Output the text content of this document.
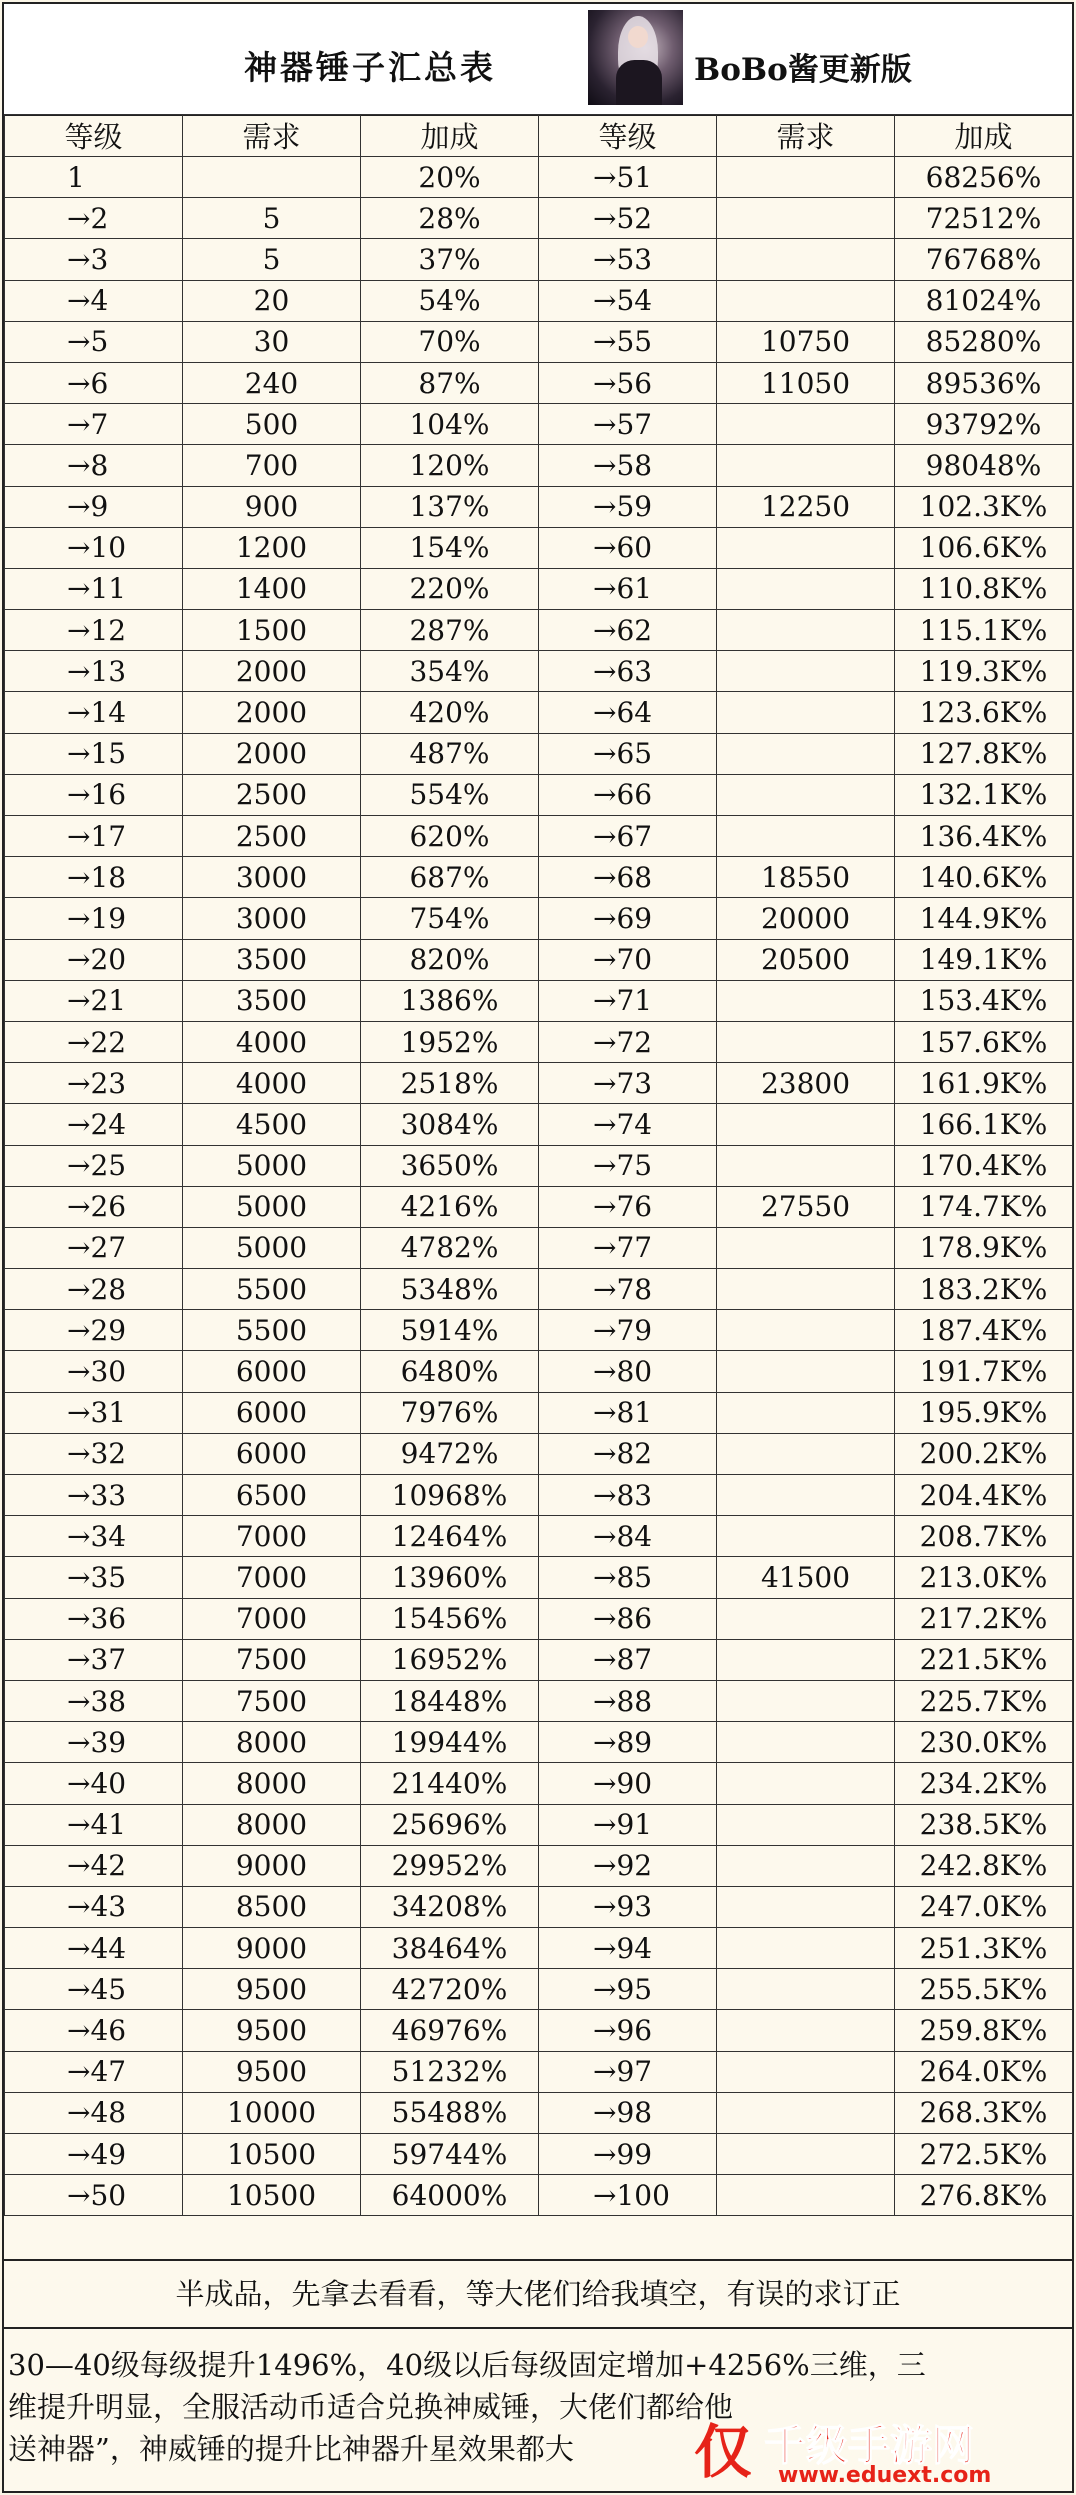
神器锤子汇总表	BoBo酱更新版
等级	需求	加成	等级	需求	加成
1		20%	→51		68256%
→2	5	28%	→52		72512%
→3	5	37%	→53		76768%
→4	20	54%	→54		81024%
→5	30	70%	→55	10750	85280%
→6	240	87%	→56	11050	89536%
→7	500	104%	→57		93792%
→8	700	120%	→58		98048%
→9	900	137%	→59	12250	102.3K%
→10	1200	154%	→60		106.6K%
→11	1400	220%	→61		110.8K%
→12	1500	287%	→62		115.1K%
→13	2000	354%	→63		119.3K%
→14	2000	420%	→64		123.6K%
→15	2000	487%	→65		127.8K%
→16	2500	554%	→66		132.1K%
→17	2500	620%	→67		136.4K%
→18	3000	687%	→68	18550	140.6K%
→19	3000	754%	→69	20000	144.9K%
→20	3500	820%	→70	20500	149.1K%
→21	3500	1386%	→71		153.4K%
→22	4000	1952%	→72		157.6K%
→23	4000	2518%	→73	23800	161.9K%
→24	4500	3084%	→74		166.1K%
→25	5000	3650%	→75		170.4K%
→26	5000	4216%	→76	27550	174.7K%
→27	5000	4782%	→77		178.9K%
→28	5500	5348%	→78		183.2K%
→29	5500	5914%	→79		187.4K%
→30	6000	6480%	→80		191.7K%
→31	6000	7976%	→81		195.9K%
→32	6000	9472%	→82		200.2K%
→33	6500	10968%	→83		204.4K%
→34	7000	12464%	→84		208.7K%
→35	7000	13960%	→85	41500	213.0K%
→36	7000	15456%	→86		217.2K%
→37	7500	16952%	→87		221.5K%
→38	7500	18448%	→88		225.7K%
→39	8000	19944%	→89		230.0K%
→40	8000	21440%	→90		234.2K%
→41	8000	25696%	→91		238.5K%
→42	9000	29952%	→92		242.8K%
→43	8500	34208%	→93		247.0K%
→44	9000	38464%	→94		251.3K%
→45	9500	42720%	→95		255.5K%
→46	9500	46976%	→96		259.8K%
→47	9500	51232%	→97		264.0K%
→48	10000	55488%	→98		268.3K%
→49	10500	59744%	→99		272.5K%
→50	10500	64000%	→100		276.8K%
半成品，先拿去看看，等大佬们给我填空，有误的求订正
30—40级每级提升1496%，40级以后每级固定增加+4256%三维，三
维提升明显，全服活动币适合兑换神威锤，大佬们都给他
送神器”，神威锤的提升比神器升星效果都大	仅 千级手游网
www.eduext.com
